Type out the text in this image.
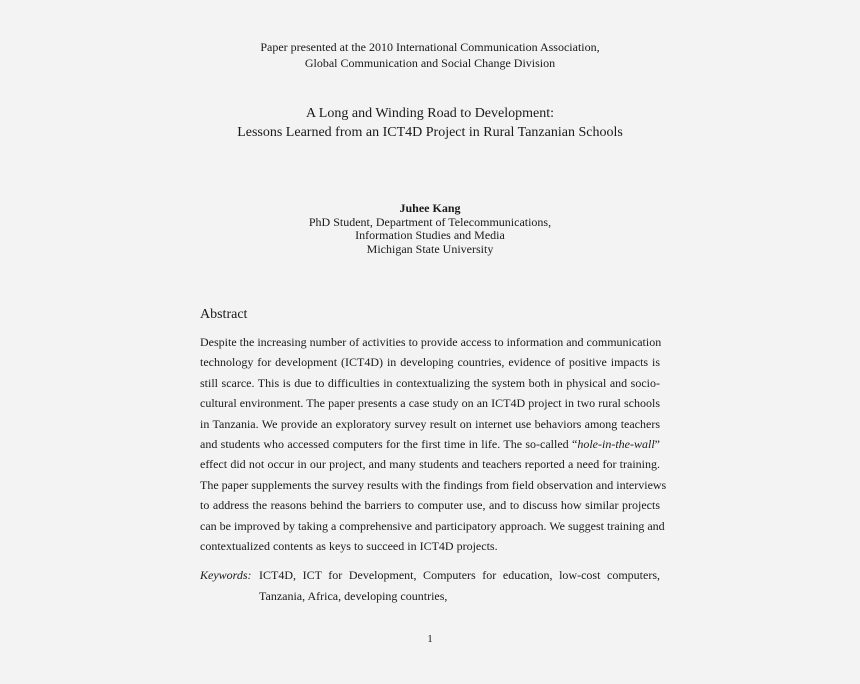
Paper presented at the 2010 International Communication Association,
Global Communication and Social Change Division
A Long and Winding Road to Development:
Lessons Learned from an ICT4D Project in Rural Tanzanian Schools
Juhee Kang
PhD Student, Department of Telecommunications,
Information Studies and Media
Michigan State University
Abstract
Despite the increasing number of activities to provide access to information and communication
technology for development (ICT4D) in developing countries, evidence of positive impacts is
still scarce. This is due to difficulties in contextualizing the system both in physical and socio-
cultural environment. The paper presents a case study on an ICT4D project in two rural schools
in Tanzania. We provide an exploratory survey result on internet use behaviors among teachers
and students who accessed computers for the first time in life. The so-called “hole-in-the-wall”
effect did not occur in our project, and many students and teachers reported a need for training.
The paper supplements the survey results with the findings from field observation and interviews
to address the reasons behind the barriers to computer use, and to discuss how similar projects
can be improved by taking a comprehensive and participatory approach. We suggest training and
contextualized contents as keys to succeed in ICT4D projects.
Keywords: ICT4D, ICT for Development, Computers for education, low-cost computers,
Tanzania, Africa, developing countries,
1
